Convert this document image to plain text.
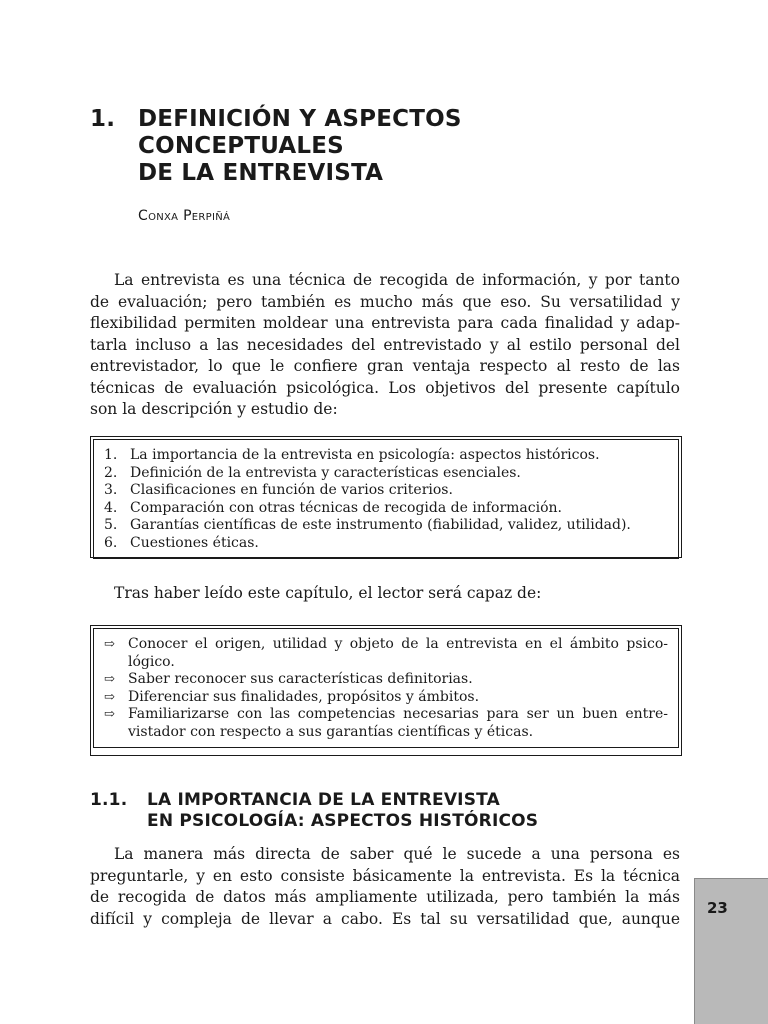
1. DEFINICIÓN Y ASPECTOS
CONCEPTUALES
DE LA ENTREVISTA
Conxa Perpiñá
La entrevista es una técnica de recogida de información, y por tanto
de evaluación; pero también es mucho más que eso. Su versatilidad y
flexibilidad permiten moldear una entrevista para cada finalidad y adap-
tarla incluso a las necesidades del entrevistado y al estilo personal del
entrevistador, lo que le confiere gran ventaja respecto al resto de las
técnicas de evaluación psicológica. Los objetivos del presente capítulo
son la descripción y estudio de:
1. La importancia de la entrevista en psicología: aspectos históricos.
2. Definición de la entrevista y características esenciales.
3. Clasificaciones en función de varios criterios.
4. Comparación con otras técnicas de recogida de información.
5. Garantías científicas de este instrumento (fiabilidad, validez, utilidad).
6. Cuestiones éticas.
Tras haber leído este capítulo, el lector será capaz de:
⇨ Conocer el origen, utilidad y objeto de la entrevista en el ámbito psico-
lógico.
⇨ Saber reconocer sus características definitorias.
⇨ Diferenciar sus finalidades, propósitos y ámbitos.
⇨ Familiarizarse con las competencias necesarias para ser un buen entre-
vistador con respecto a sus garantías científicas y éticas.
1.1. LA IMPORTANCIA DE LA ENTREVISTA
EN PSICOLOGÍA: ASPECTOS HISTÓRICOS
La manera más directa de saber qué le sucede a una persona es
preguntarle, y en esto consiste básicamente la entrevista. Es la técnica
de recogida de datos más ampliamente utilizada, pero también la más
difícil y compleja de llevar a cabo. Es tal su versatilidad que, aunque
23
